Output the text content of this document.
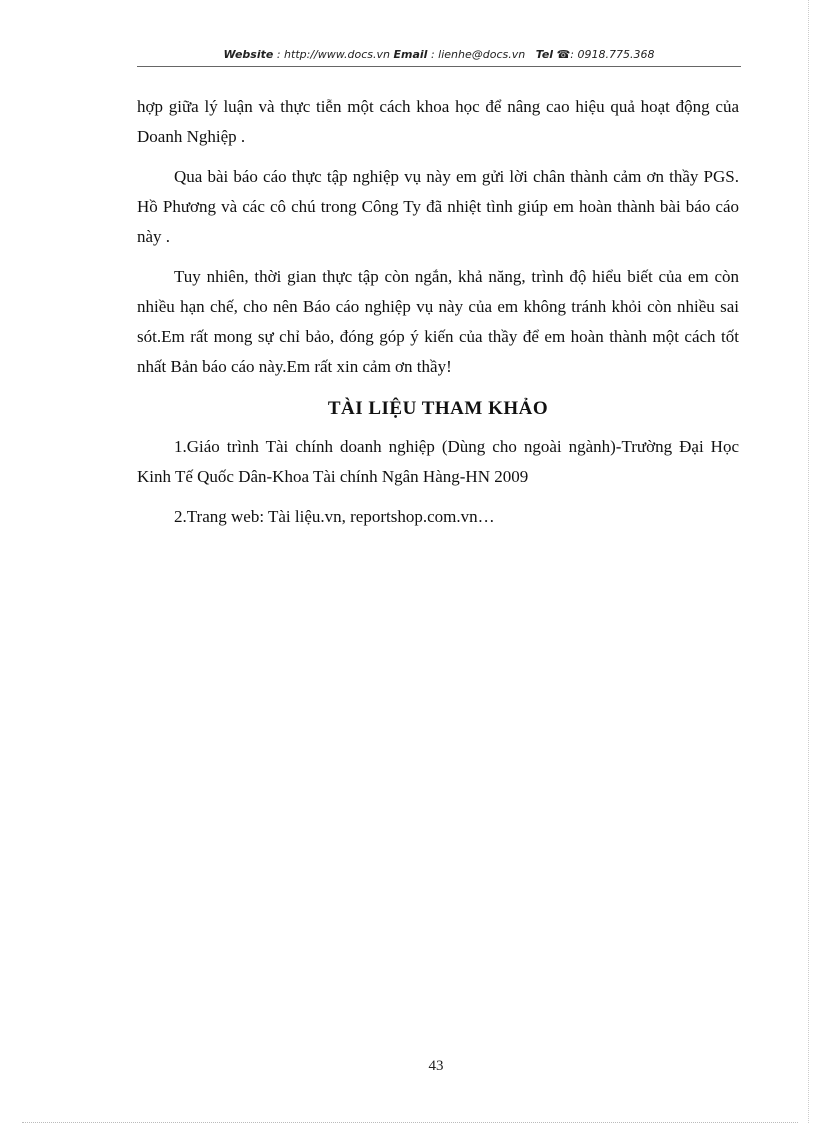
Website : http://www.docs.vn Email : lienhe@docs.vn   Tel ☎: 0918.775.368

hợp giữa lý luận và thực tiễn một cách khoa học để nâng cao hiệu quả hoạt động của Doanh Nghiệp .

Qua bài báo cáo thực tập nghiệp vụ này em gửi lời chân thành cảm ơn thầy PGS. Hồ Phương và các cô chú trong Công Ty đã nhiệt tình giúp em hoàn thành bài báo cáo này .

Tuy nhiên, thời gian thực tập còn ngắn, khả năng, trình độ hiểu biết của em còn nhiều hạn chế, cho nên Báo cáo nghiệp vụ này của em không tránh khỏi còn nhiều sai sót.Em rất mong sự chỉ bảo, đóng góp ý kiến của thầy để em hoàn thành một cách tốt nhất Bản báo cáo này.Em rất xin cảm ơn thầy!

TÀI LIỆU THAM KHẢO

1.Giáo trình Tài chính doanh nghiệp (Dùng cho ngoài ngành)-Trường Đại Học Kinh Tế Quốc Dân-Khoa Tài chính Ngân Hàng-HN 2009

2.Trang web: Tài liệu.vn, reportshop.com.vn…

43
